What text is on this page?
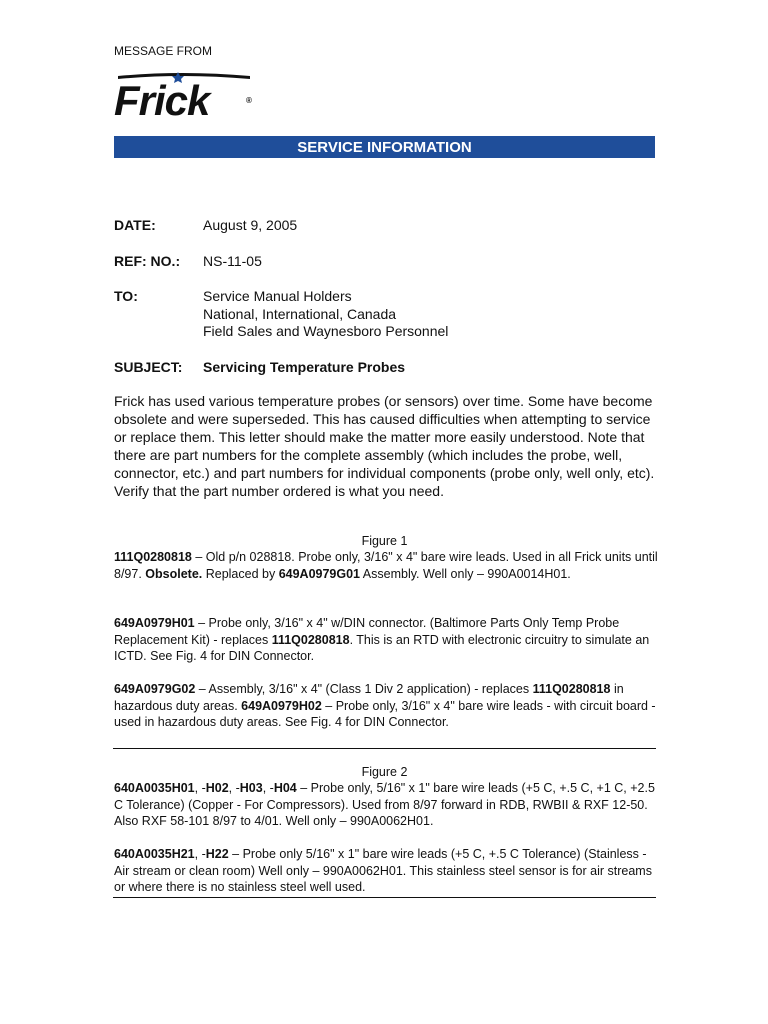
MESSAGE FROM
Frick	®
SERVICE INFORMATION
DATE:	August 9, 2005
REF: NO.: NS-11-05
TO:	Service Manual Holders
National, International, Canada
Field Sales and Waynesboro Personnel
SUBJECT: Servicing Temperature Probes
Frick has used various temperature probes (or sensors) over time. Some have become obsolete and were superseded. This has caused difficulties when attempting to service or replace them. This letter should make the matter more easily understood. Note that there are part numbers for the complete assembly (which includes the probe, well, connector, etc.) and part numbers for individual components (probe only, well only, etc). Verify that the part number ordered is what you need.
Figure 1
111Q0280818 – Old p/n 028818. Probe only, 3/16" x 4" bare wire leads. Used in all Frick units until 8/97. Obsolete. Replaced by 649A0979G01 Assembly. Well only – 990A0014H01.
649A0979H01 – Probe only, 3/16" x 4" w/DIN connector. (Baltimore Parts Only Temp Probe Replacement Kit) - replaces 111Q0280818. This is an RTD with electronic circuitry to simulate an ICTD. See Fig. 4 for DIN Connector.
649A0979G02 – Assembly, 3/16" x 4" (Class 1 Div 2 application) - replaces 111Q0280818 in hazardous duty areas. 649A0979H02 – Probe only, 3/16" x 4" bare wire leads - with circuit board - used in hazardous duty areas. See Fig. 4 for DIN Connector.
Figure 2
640A0035H01, -H02, -H03, -H04 – Probe only, 5/16" x 1" bare wire leads (+5 C, +.5 C, +1 C, +2.5 C Tolerance) (Copper - For Compressors). Used from 8/97 forward in RDB, RWBII & RXF 12-50. Also RXF 58-101 8/97 to 4/01. Well only – 990A0062H01.
640A0035H21, -H22 – Probe only 5/16" x 1" bare wire leads (+5 C, +.5 C Tolerance) (Stainless - Air stream or clean room) Well only – 990A0062H01. This stainless steel sensor is for air streams or where there is no stainless steel well used.
